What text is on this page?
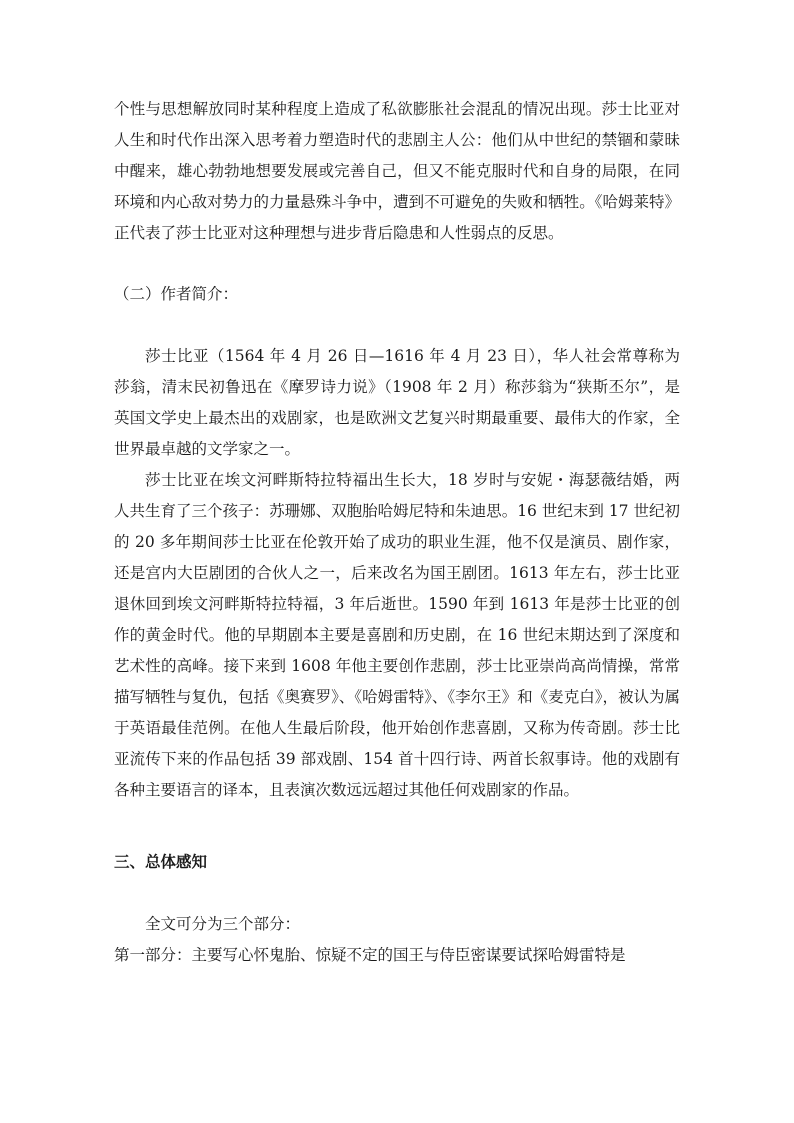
个性与思想解放同时某种程度上造成了私欲膨胀社会混乱的情况出现。莎士比亚对人生和时代作出深入思考着力塑造时代的悲剧主人公：他们从中世纪的禁锢和蒙昧中醒来，雄心勃勃地想要发展或完善自己，但又不能克服时代和自身的局限，在同环境和内心敌对势力的力量悬殊斗争中，遭到不可避免的失败和牺牲。《哈姆莱特》正代表了莎士比亚对这种理想与进步背后隐患和人性弱点的反思。

（二）作者简介：

莎士比亚（1564 年 4 月 26 日—1616 年 4 月 23 日），华人社会常尊称为莎翁，清末民初鲁迅在《摩罗诗力说》（1908 年 2 月）称莎翁为“狭斯丕尔”，是英国文学史上最杰出的戏剧家，也是欧洲文艺复兴时期最重要、最伟大的作家，全世界最卓越的文学家之一。

莎士比亚在埃文河畔斯特拉特福出生长大，18 岁时与安妮・海瑟薇结婚，两人共生育了三个孩子：苏珊娜、双胞胎哈姆尼特和朱迪思。16 世纪末到 17 世纪初的 20 多年期间莎士比亚在伦敦开始了成功的职业生涯，他不仅是演员、剧作家，还是宫内大臣剧团的合伙人之一，后来改名为国王剧团。1613 年左右，莎士比亚退休回到埃文河畔斯特拉特福，3 年后逝世。1590 年到 1613 年是莎士比亚的创作的黄金时代。他的早期剧本主要是喜剧和历史剧，在 16 世纪末期达到了深度和艺术性的高峰。接下来到 1608 年他主要创作悲剧，莎士比亚崇尚高尚情操，常常描写牺牲与复仇，包括《奥赛罗》、《哈姆雷特》、《李尔王》和《麦克白》，被认为属于英语最佳范例。在他人生最后阶段，他开始创作悲喜剧，又称为传奇剧。莎士比亚流传下来的作品包括 39 部戏剧、154 首十四行诗、两首长叙事诗。他的戏剧有各种主要语言的译本，且表演次数远远超过其他任何戏剧家的作品。

三、总体感知

全文可分为三个部分：

第一部分：主要写心怀鬼胎、惊疑不定的国王与侍臣密谋要试探哈姆雷特是
